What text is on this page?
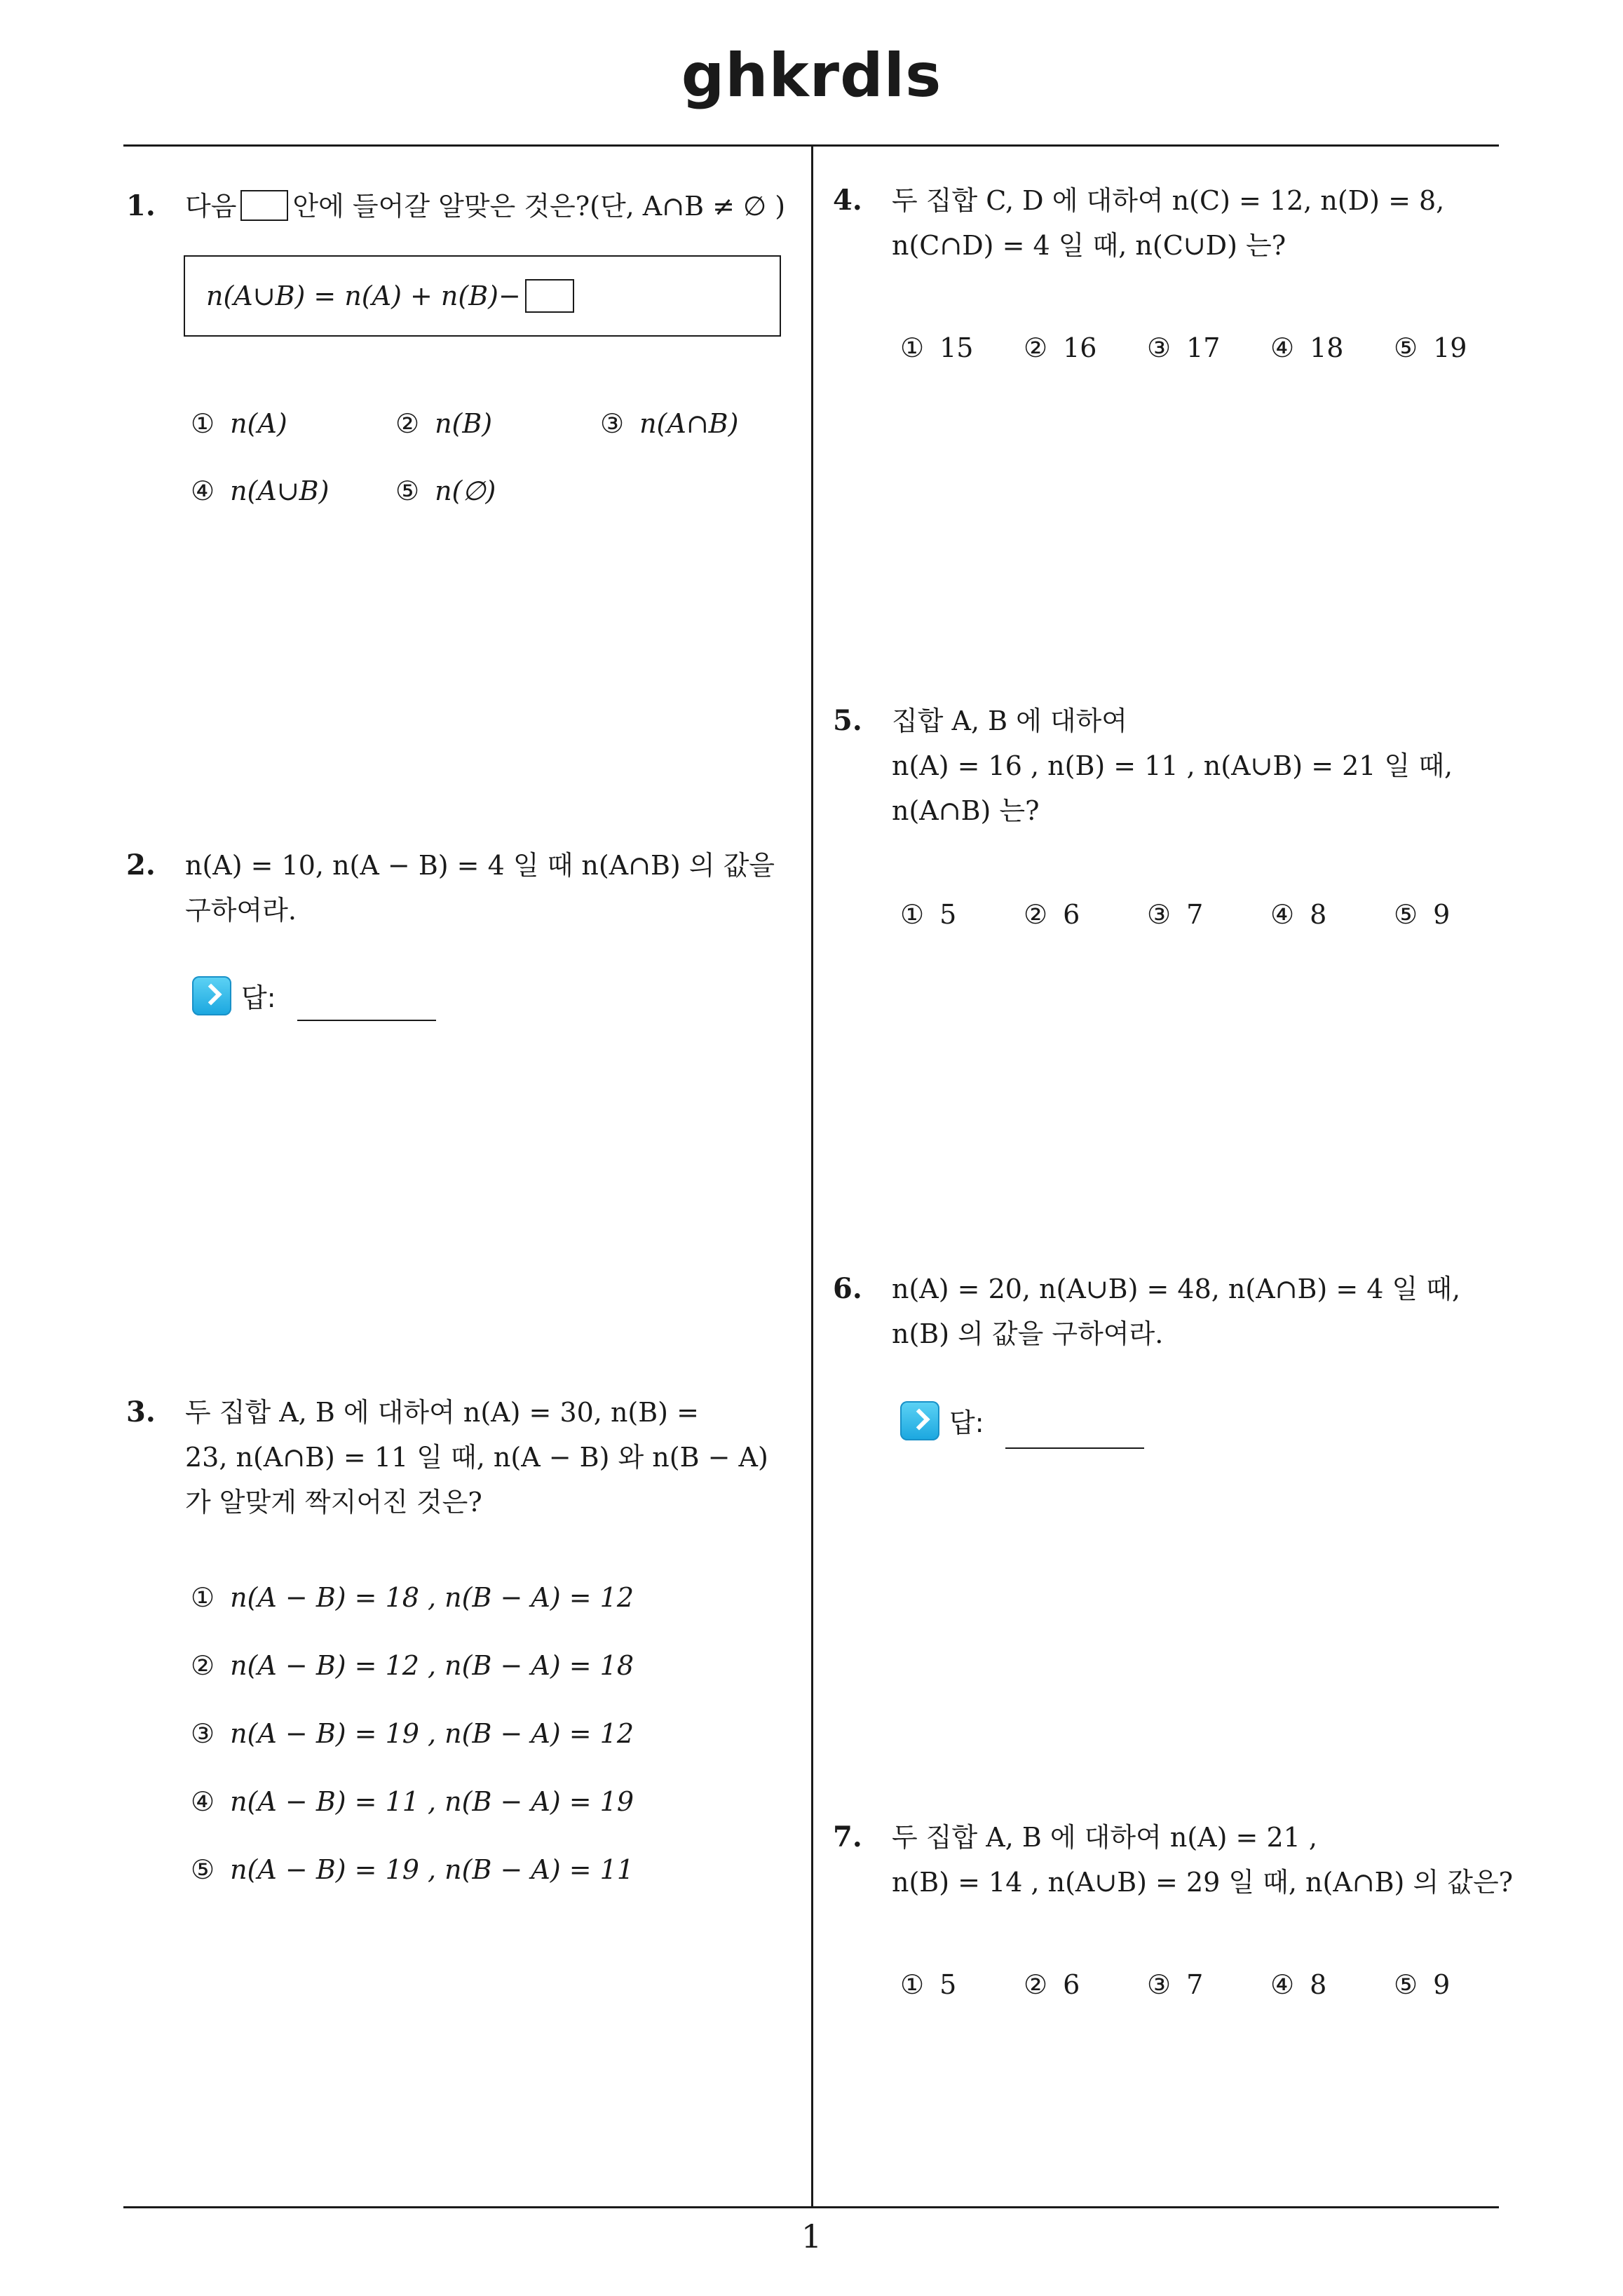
ghkrdls
1
1. 다음 안에 들어갈 알맞은 것은?(단, A∩B ≠ ∅ )
n(A∪B) = n(A) + n(B)−
① n(A)	② n(B)	③ n(A∩B)
④ n(A∪B) ⑤ n(∅)
2. n(A) = 10, n(A − B) = 4 일 때 n(A∩B) 의 값을
구하여라.
답:
3. 두 집합 A, B 에 대하여 n(A) = 30, n(B) =
23, n(A∩B) = 11 일 때, n(A − B) 와 n(B − A)
가 알맞게 짝지어진 것은?
① n(A − B) = 18 , n(B − A) = 12
② n(A − B) = 12 , n(B − A) = 18
③ n(A − B) = 19 , n(B − A) = 12
④ n(A − B) = 11 , n(B − A) = 19
⑤ n(A − B) = 19 , n(B − A) = 11
4. 두 집합 C, D 에 대하여 n(C) = 12, n(D) = 8,
n(C∩D) = 4 일 때, n(C∪D) 는?
① 15 ② 16 ③ 17 ④ 18 ⑤ 19
5. 집합 A, B 에 대하여
n(A) = 16 , n(B) = 11 , n(A∪B) = 21 일 때,
n(A∩B) 는?
① 5	② 6	③ 7	④ 8	⑤ 9
6. n(A) = 20, n(A∪B) = 48, n(A∩B) = 4 일 때,
n(B) 의 값을 구하여라.
답:
7. 두 집합 A, B 에 대하여 n(A) = 21 ,
n(B) = 14 , n(A∪B) = 29 일 때, n(A∩B) 의 값은?
① 5	② 6	③ 7	④ 8	⑤ 9
